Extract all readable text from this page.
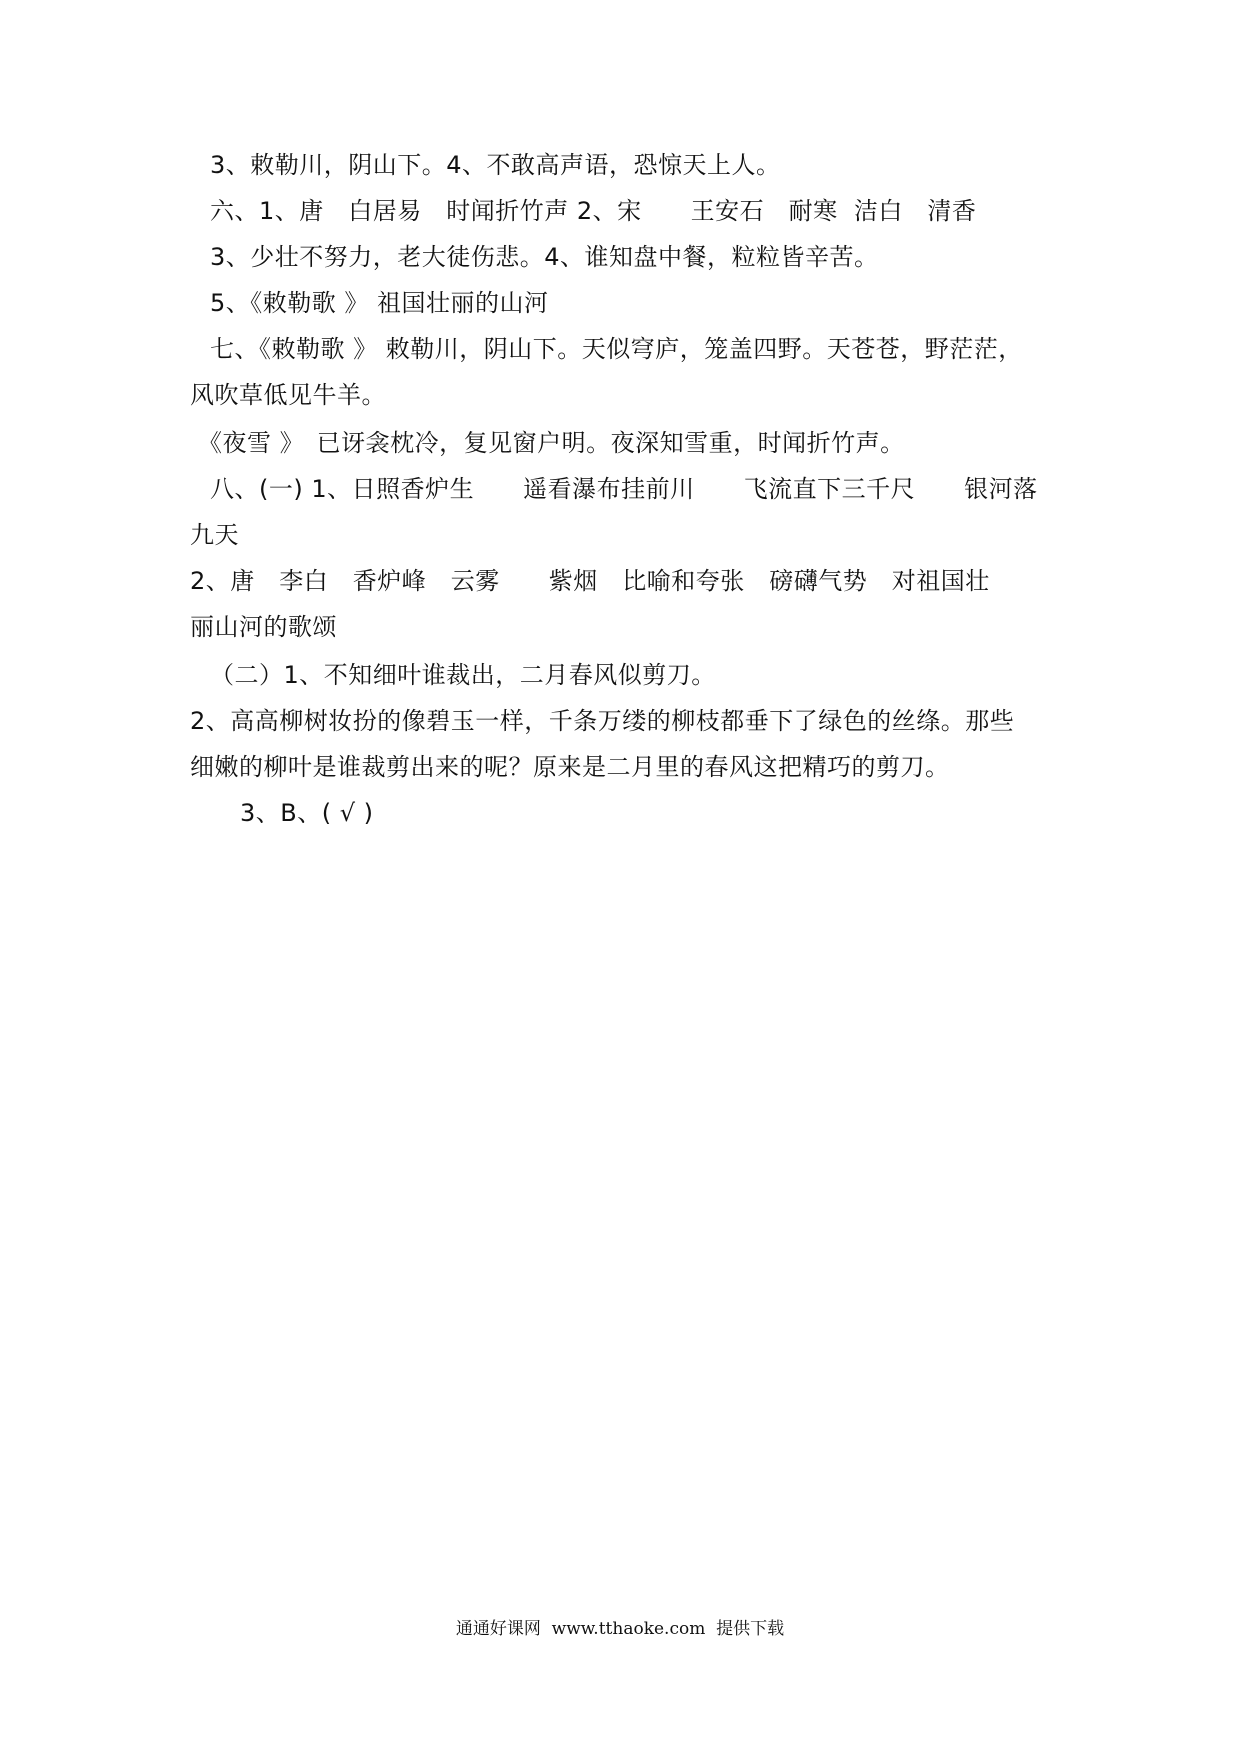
3、敕勒川，阴山下。4、不敢高声语，恐惊天上人。
六、1、唐　白居易　时闻折竹声 2、宋　　王安石　耐寒  洁白　清香
3、少壮不努力，老大徒伤悲。4、谁知盘中餐，粒粒皆辛苦。
5、《敕勒歌 》 祖国壮丽的山河
七、《敕勒歌 》 敕勒川，阴山下。天似穹庐，笼盖四野。天苍苍，野茫茫，
风吹草低见牛羊。
《夜雪 》　已讶衾枕冷，复见窗户明。夜深知雪重，时闻折竹声。
八、(一) 1、日照香炉生　　遥看瀑布挂前川　　飞流直下三千尺　　银河落
九天
2、唐　李白　香炉峰　云雾　　紫烟　比喻和夸张　磅礴气势　对祖国壮
丽山河的歌颂
（二）1、不知细叶谁裁出，二月春风似剪刀。
2、高高柳树妆扮的像碧玉一样，千条万缕的柳枝都垂下了绿色的丝绦。那些
细嫩的柳叶是谁裁剪出来的呢？原来是二月里的春风这把精巧的剪刀。
3、B、( √ )
通通好课网  www.tthaoke.com  提供下载
